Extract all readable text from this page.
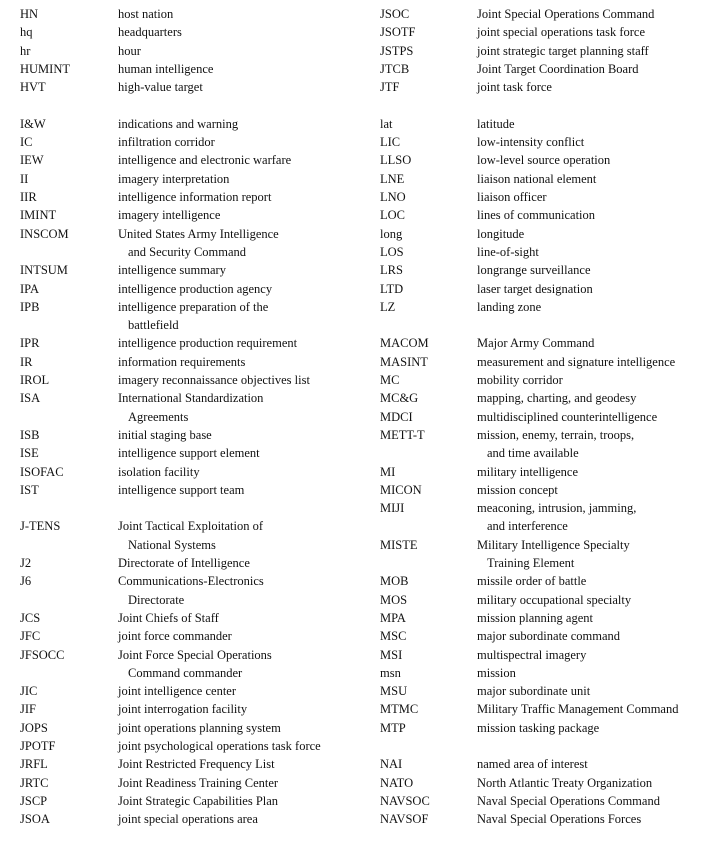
HN	host nation
hq	headquarters
hr	hour
HUMINT	human intelligence
HVT	high-value target
I&W	indications and warning
IC	infiltration corridor
IEW	intelligence and electronic warfare
II	imagery interpretation
IIR	intelligence information report
IMINT	imagery intelligence
INSCOM	United States Army Intelligence
and Security Command
INTSUM	intelligence summary
IPA	intelligence production agency
IPB	intelligence preparation of the
battlefield
IPR	intelligence production requirement
IR	information requirements
IROL	imagery reconnaissance objectives list
ISA	International Standardization
Agreements
ISB	initial staging base
ISE	intelligence support element
ISOFAC	isolation facility
IST	intelligence support team
J-TENS	Joint Tactical Exploitation of
National Systems
J2	Directorate of Intelligence
J6	Communications-Electronics
Directorate
JCS	Joint Chiefs of Staff
JFC	joint force commander
JFSOCC	Joint Force Special Operations
Command commander
JIC	joint intelligence center
JIF	joint interrogation facility
JOPS	joint operations planning system
JPOTF	joint psychological operations task force
JRFL	Joint Restricted Frequency List
JRTC	Joint Readiness Training Center
JSCP	Joint Strategic Capabilities Plan
JSOA	joint special operations area
JSOC	Joint Special Operations Command
JSOTF	joint special operations task force
JSTPS	joint strategic target planning staff
JTCB	Joint Target Coordination Board
JTF	joint task force
lat	latitude
LIC	low-intensity conflict
LLSO	low-level source operation
LNE	liaison national element
LNO	liaison officer
LOC	lines of communication
long	longitude
LOS	line-of-sight
LRS	longrange surveillance
LTD	laser target designation
LZ	landing zone
MACOM	Major Army Command
MASINT	measurement and signature intelligence
MC	mobility corridor
MC&G	mapping, charting, and geodesy
MDCI	multidisciplined counterintelligence
METT-T	mission, enemy, terrain, troops,
and time available
MI	military intelligence
MICON	mission concept
MIJI	meaconing, intrusion, jamming,
and interference
MISTE	Military Intelligence Specialty
Training Element
MOB	missile order of battle
MOS	military occupational specialty
MPA	mission planning agent
MSC	major subordinate command
MSI	multispectral imagery
msn	mission
MSU	major subordinate unit
MTMC	Military Traffic Management Command
MTP	mission tasking package
NAI	named area of interest
NATO	North Atlantic Treaty Organization
NAVSOC	Naval Special Operations Command
NAVSOF	Naval Special Operations Forces
